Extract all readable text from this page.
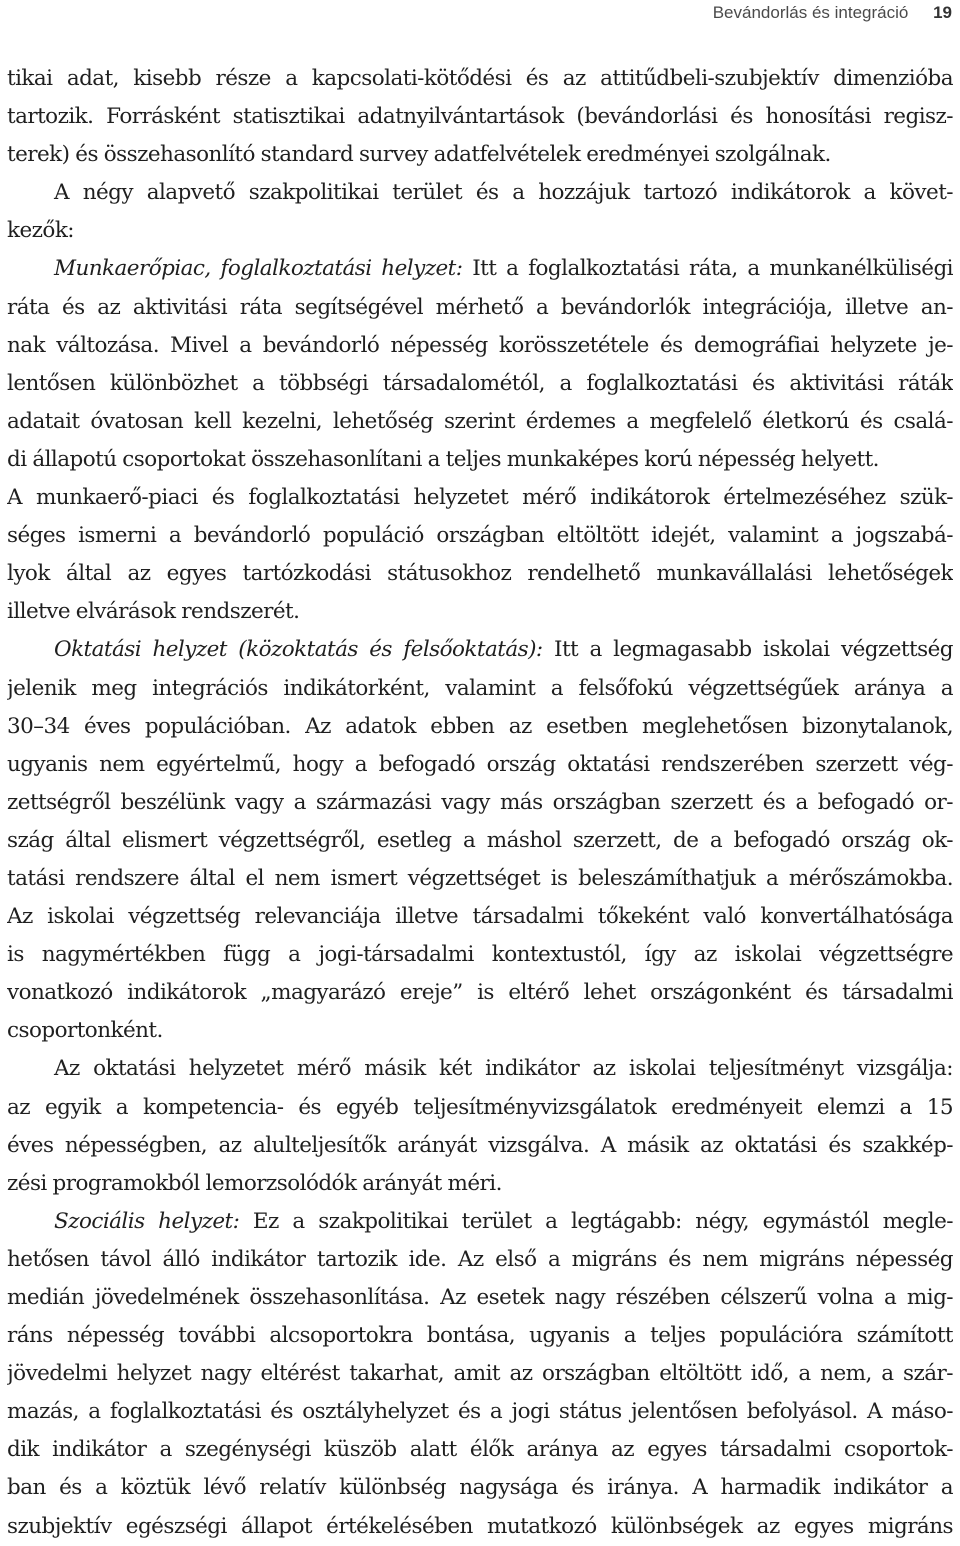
Bevándorlás és integráció 19
tikai adat, kisebb része a kapcsolati-kötődési és az attitűdbeli-szubjektív dimenzióba
tartozik. Forrásként statisztikai adatnyilvántartások (bevándorlási és honosítási regisz-
terek) és összehasonlító standard survey adatfelvételek eredményei szolgálnak.
A négy alapvető szakpolitikai terület és a hozzájuk tartozó indikátorok a követ-
kezők:
Munkaerőpiac, foglalkoztatási helyzet: Itt a foglalkoztatási ráta, a munkanélküliségi
ráta és az aktivitási ráta segítségével mérhető a bevándorlók integrációja, illetve an-
nak változása. Mivel a bevándorló népesség korösszetétele és demográfiai helyzete je-
lentősen különbözhet a többségi társadalométól, a foglalkoztatási és aktivitási ráták
adatait óvatosan kell kezelni, lehetőség szerint érdemes a megfelelő életkorú és csalá-
di állapotú csoportokat összehasonlítani a teljes munkaképes korú népesség helyett.
A munkaerő-piaci és foglalkoztatási helyzetet mérő indikátorok értelmezéséhez szük-
séges ismerni a bevándorló populáció országban eltöltött idejét, valamint a jogszabá-
lyok által az egyes tartózkodási státusokhoz rendelhető munkavállalási lehetőségek
illetve elvárások rendszerét.
Oktatási helyzet (közoktatás és felsőoktatás): Itt a legmagasabb iskolai végzettség
jelenik meg integrációs indikátorként, valamint a felsőfokú végzettségűek aránya a
30–34 éves populációban. Az adatok ebben az esetben meglehetősen bizonytalanok,
ugyanis nem egyértelmű, hogy a befogadó ország oktatási rendszerében szerzett vég-
zettségről beszélünk vagy a származási vagy más országban szerzett és a befogadó or-
szág által elismert végzettségről, esetleg a máshol szerzett, de a befogadó ország ok-
tatási rendszere által el nem ismert végzettséget is beleszámíthatjuk a mérőszámokba.
Az iskolai végzettség relevanciája illetve társadalmi tőkeként való konvertálhatósága
is nagymértékben függ a jogi-társadalmi kontextustól, így az iskolai végzettségre
vonatkozó indikátorok „magyarázó ereje” is eltérő lehet országonként és társadalmi
csoportonként.
Az oktatási helyzetet mérő másik két indikátor az iskolai teljesítményt vizsgálja:
az egyik a kompetencia- és egyéb teljesítményvizsgálatok eredményeit elemzi a 15
éves népességben, az alulteljesítők arányát vizsgálva. A másik az oktatási és szakkép-
zési programokból lemorzsolódók arányát méri.
Szociális helyzet: Ez a szakpolitikai terület a legtágabb: négy, egymástól megle-
hetősen távol álló indikátor tartozik ide. Az első a migráns és nem migráns népesség
medián jövedelmének összehasonlítása. Az esetek nagy részében célszerű volna a mig-
ráns népesség további alcsoportokra bontása, ugyanis a teljes populációra számított
jövedelmi helyzet nagy eltérést takarhat, amit az országban eltöltött idő, a nem, a szár-
mazás, a foglalkoztatási és osztályhelyzet és a jogi státus jelentősen befolyásol. A máso-
dik indikátor a szegénységi küszöb alatt élők aránya az egyes társadalmi csoportok-
ban és a köztük lévő relatív különbség nagysága és iránya. A harmadik indikátor a
szubjektív egészségi állapot értékelésében mutatkozó különbségek az egyes migráns
